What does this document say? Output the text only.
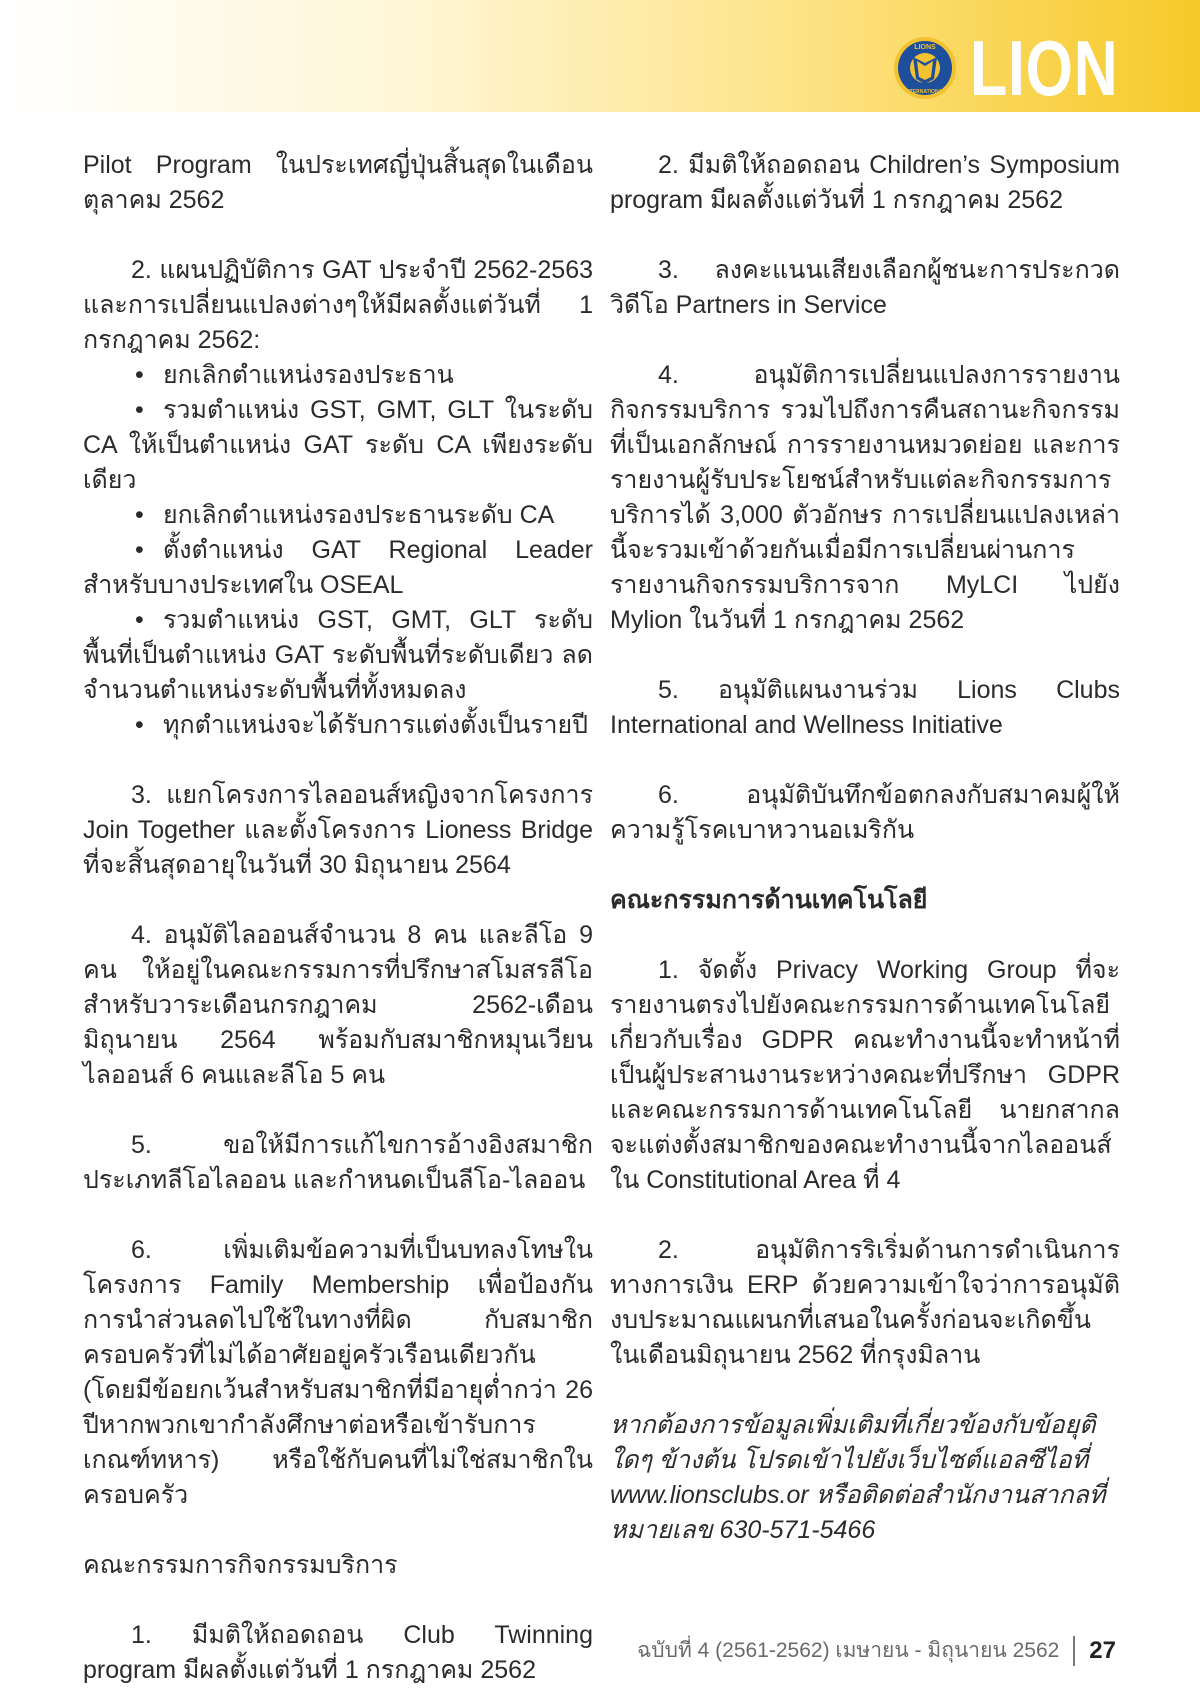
LIONS
INTERNATIONAL LION

Pilot Program ในประเทศญี่ปุ่นสิ้นสุดในเดือนตุลาคม 2562

2. แผนปฏิบัติการ GAT ประจำปี 2562-2563 และการเปลี่ยนแปลงต่างๆให้มีผลตั้งแต่วันที่ 1 กรกฎาคม 2562:

• ยกเลิกตำแหน่งรองประธาน

• รวมตำแหน่ง GST, GMT, GLT ในระดับ CA ให้เป็นตำแหน่ง GAT ระดับ CA เพียงระดับเดียว

• ยกเลิกตำแหน่งรองประธานระดับ CA

• ตั้งตำแหน่ง GAT Regional Leader สำหรับบางประเทศใน OSEAL

• รวมตำแหน่ง GST, GMT, GLT ระดับพื้นที่เป็นตำแหน่ง GAT ระดับพื้นที่ระดับเดียว ลดจำนวนตำแหน่งระดับพื้นที่ทั้งหมดลง

• ทุกตำแหน่งจะได้รับการแต่งตั้งเป็นรายปี

3. แยกโครงการไลออนส์หญิงจากโครงการ Join Together และตั้งโครงการ Lioness Bridge ที่จะสิ้นสุดอายุในวันที่ 30 มิถุนายน 2564

4. อนุมัติไลออนส์จำนวน 8 คน และลีโอ 9 คน ให้อยู่ในคณะกรรมการที่ปรึกษาสโมสรลีโอสำหรับวาระเดือนกรกฎาคม 2562-เดือนมิถุนายน 2564 พร้อมกับสมาชิกหมุนเวียนไลออนส์ 6 คนและลีโอ 5 คน

5. ขอให้มีการแก้ไขการอ้างอิงสมาชิกประเภทลีโอไลออน และกำหนดเป็นลีโอ-ไลออน

6. เพิ่มเติมข้อความที่เป็นบทลงโทษในโครงการ Family Membership เพื่อป้องกันการนำส่วนลดไปใช้ในทางที่ผิด กับสมาชิกครอบครัวที่ไม่ได้อาศัยอยู่ครัวเรือนเดียวกัน (โดยมีข้อยกเว้นสำหรับสมาชิกที่มีอายุต่ำกว่า 26 ปีหากพวกเขากำลังศึกษาต่อหรือเข้ารับการเกณฑ์ทหาร) หรือใช้กับคนที่ไม่ใช่สมาชิกในครอบครัว

คณะกรรมการกิจกรรมบริการ

1. มีมติให้ถอดถอน Club Twinning program มีผลตั้งแต่วันที่ 1 กรกฎาคม 2562

2. มีมติให้ถอดถอน Children’s Symposium program มีผลตั้งแต่วันที่ 1 กรกฎาคม 2562

3. ลงคะแนนเสียงเลือกผู้ชนะการประกวดวิดีโอ Partners in Service

4. อนุมัติการเปลี่ยนแปลงการรายงานกิจกรรมบริการ รวมไปถึงการคืนสถานะกิจกรรมที่เป็นเอกลักษณ์ การรายงานหมวดย่อย และการรายงานผู้รับประโยชน์สำหรับแต่ละกิจกรรมการบริการได้ 3,000 ตัวอักษร การเปลี่ยนแปลงเหล่านี้จะรวมเข้าด้วยกันเมื่อมีการเปลี่ยนผ่านการรายงานกิจกรรมบริการจาก MyLCI ไปยัง Mylion ในวันที่ 1 กรกฎาคม 2562

5. อนุมัติแผนงานร่วม Lions Clubs International and Wellness Initiative

6. อนุมัติบันทึกข้อตกลงกับสมาคมผู้ให้ความรู้โรคเบาหวานอเมริกัน

คณะกรรมการด้านเทคโนโลยี

1. จัดตั้ง Privacy Working Group ที่จะรายงานตรงไปยังคณะกรรมการด้านเทคโนโลยีเกี่ยวกับเรื่อง GDPR คณะทำงานนี้จะทำหน้าที่เป็นผู้ประสานงานระหว่างคณะที่ปรึกษา GDPR และคณะกรรมการด้านเทคโนโลยี นายกสากลจะแต่งตั้งสมาชิกของคณะทำงานนี้จากไลออนส์ใน Constitutional Area ที่ 4

2. อนุมัติการริเริ่มด้านการดำเนินการทางการเงิน ERP ด้วยความเข้าใจว่าการอนุมัติงบประมาณแผนกที่เสนอในครั้งก่อนจะเกิดขึ้นในเดือนมิถุนายน 2562 ที่กรุงมิลาน

หากต้องการข้อมูลเพิ่มเติมที่เกี่ยวข้องกับข้อยุติใดๆ ข้างต้น โปรดเข้าไปยังเว็บไซต์แอลซีไอที่ www.lionsclubs.or หรือติดต่อสำนักงานสากลที่หมายเลข 630-571-5466

ฉบับที่ 4 (2561-2562) เมษายน - มิถุนายน 2562 27
